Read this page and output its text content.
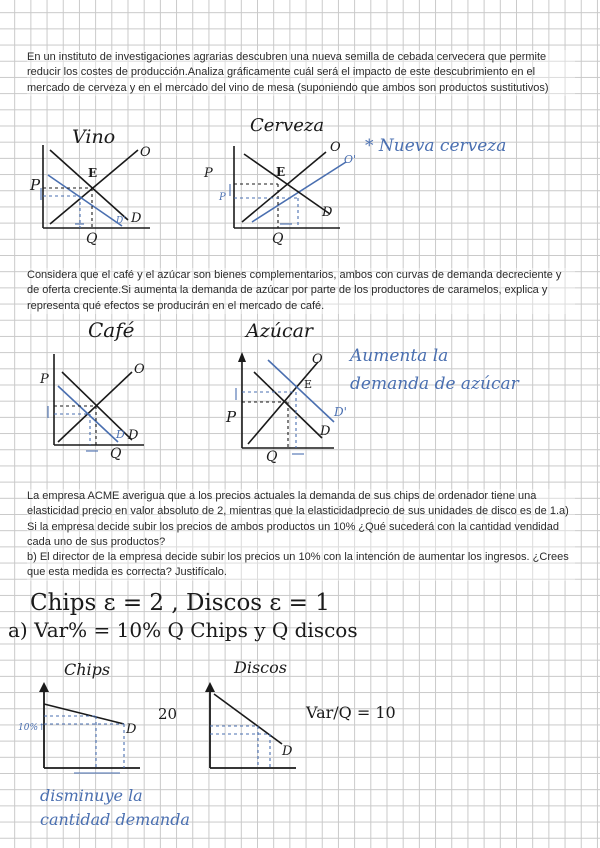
En un instituto de investigaciones agrarias descubren una nueva semilla de cebada cervecera que permite reducir los costes de producción.Analiza gráficamente cuál será el impacto de este descubrimiento en el mercado de cerveza y en el mercado del vino de mesa (suponiendo que ambos son productos sustitutivos)

Vino
P
E
O
D
D'
Q
Cerveza
P
P
E
O
O'
D
Q
* Nueva cerveza

Considera que el café y el azúcar son bienes complementarios, ambos con curvas de demanda decreciente y de oferta creciente.Si aumenta la demanda de azúcar por parte de los productores de caramelos, explica y representa qué efectos se producirán en el mercado de café.

Café
P
O
D D
Q
Azúcar
P
E
O
D'
D
Q
Aumenta la
demanda de azúcar

La empresa ACME averigua que a los precios actuales la demanda de sus chips de ordenador tiene una elasticidad precio en valor absoluto de 2, mientras que la elasticidadprecio de sus unidades de disco es de 1.a) Si la empresa decide subir los precios de ambos productos un 10% ¿Qué sucederá con la cantidad vendidad cada uno de sus productos?

b) El director de la empresa decide subir los precios un 10% con la intención de aumentar los ingresos. ¿Crees que esta medida es correcta? Justifícalo.

Chips ε = 2 , Discos ε = 1
a) Var% = 10% Q Chips y Q discos
Chips
10%↑	D
20
Discos
D
Var/Q = 10
disminuye la
cantidad demanda
